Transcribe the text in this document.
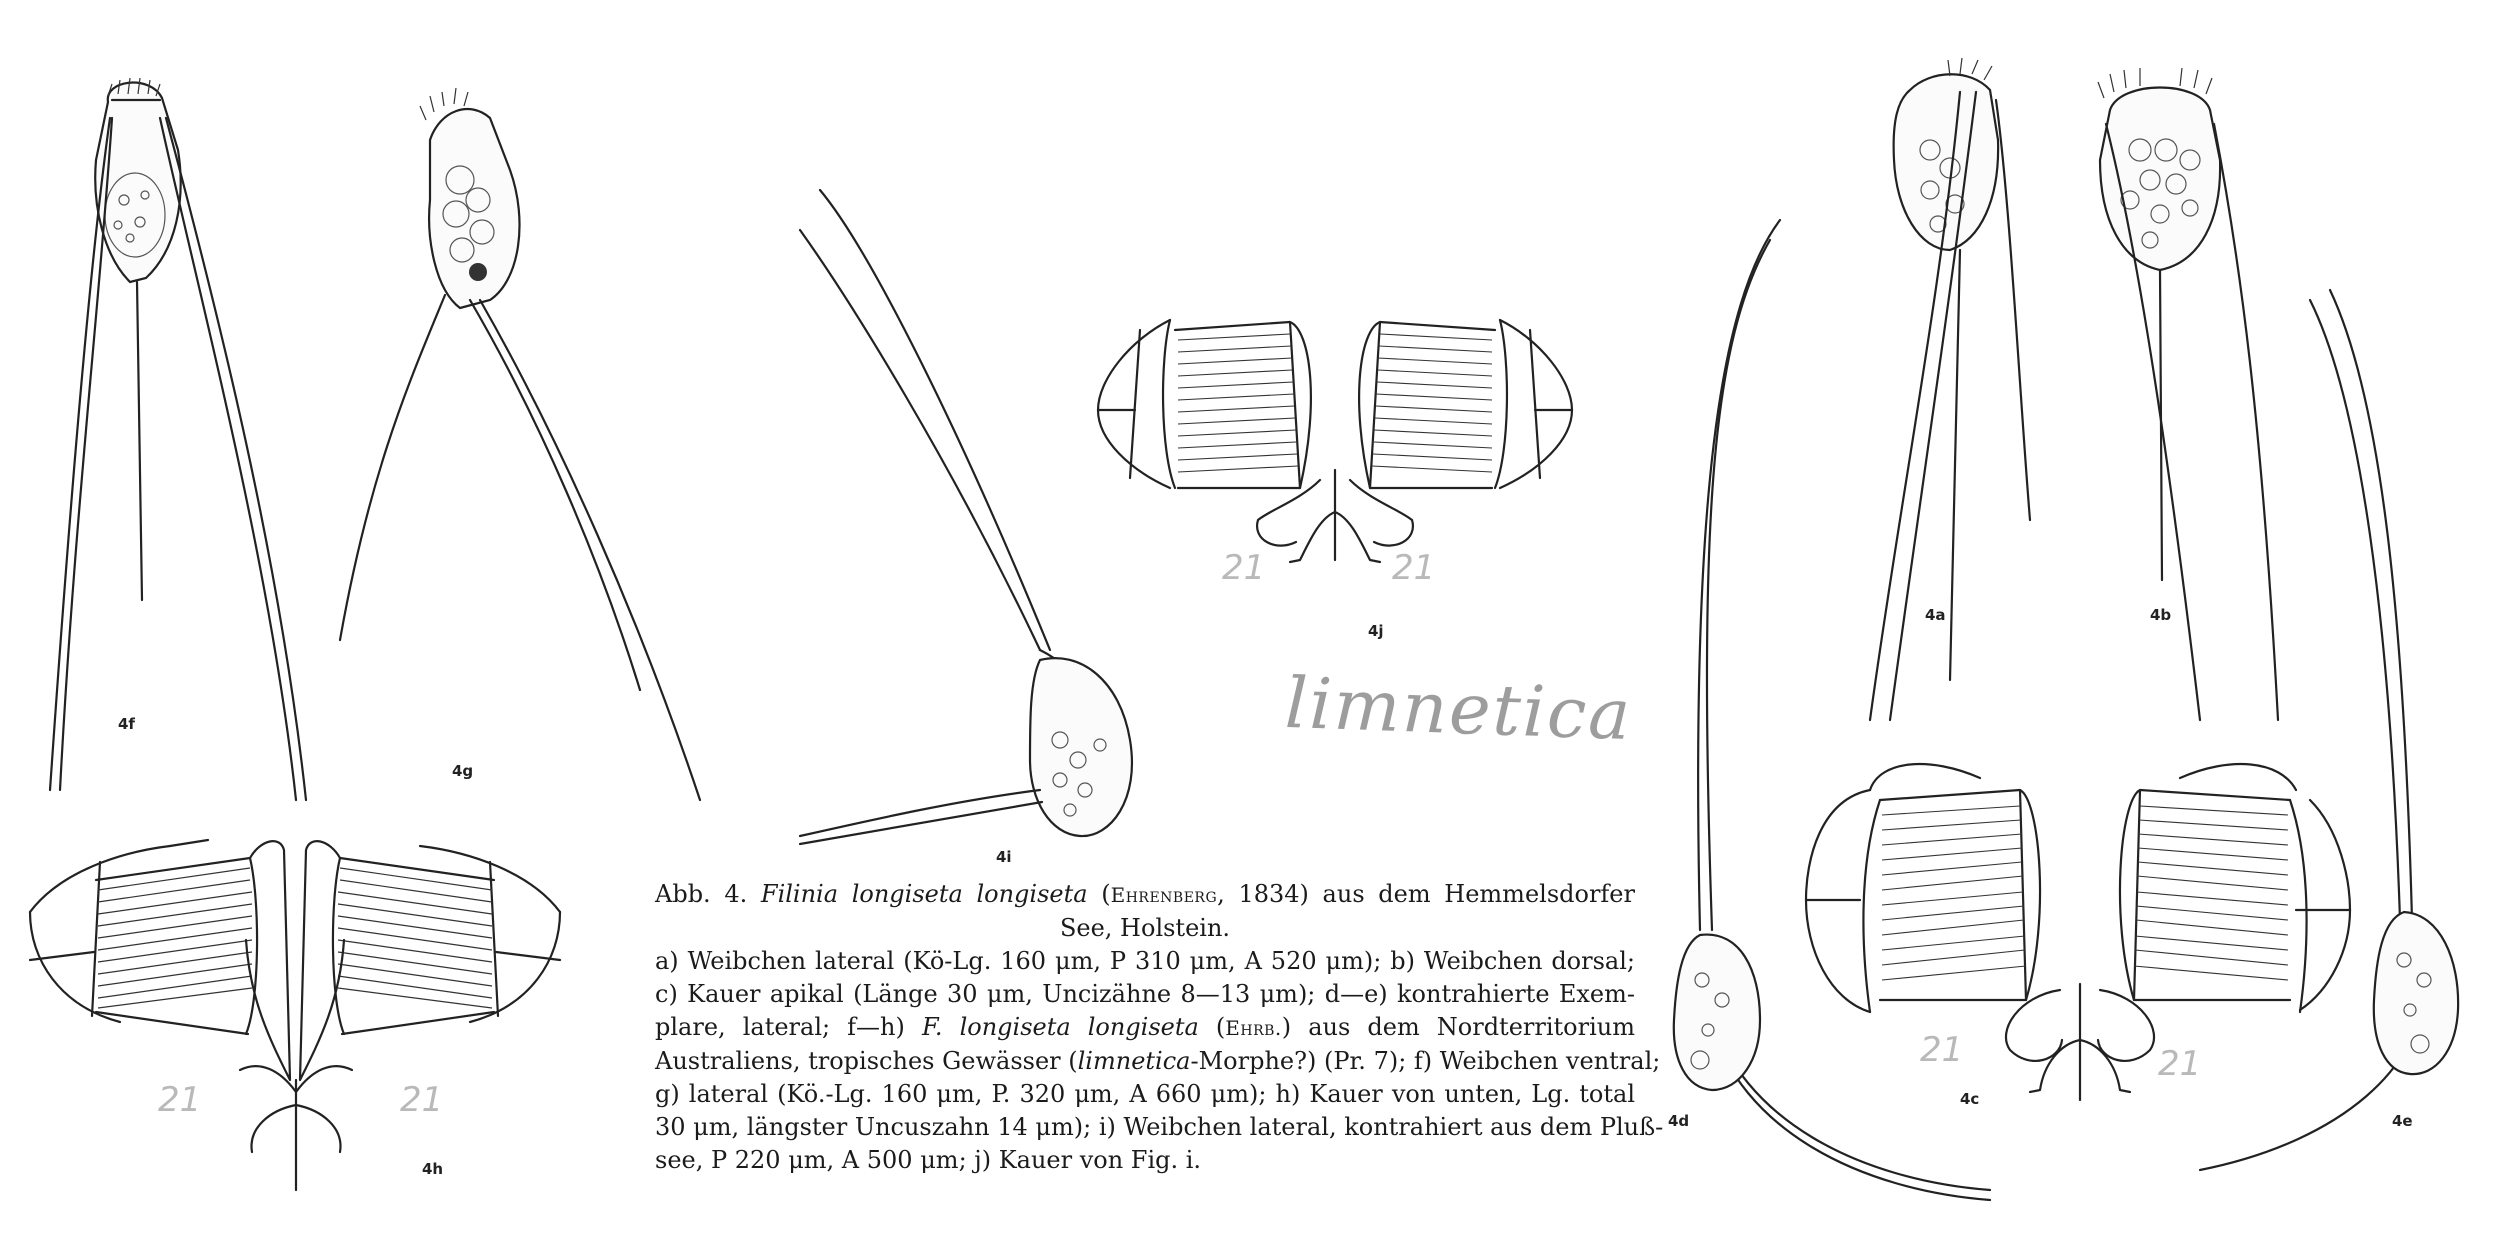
4f
4g
4i
4j
4h
4a	4b
4d
4c
4e
21	21
21	21
21	21
limnetica
Abb. 4. Filinia longiseta longiseta (Ehrenberg, 1834) aus dem Hemmelsdorfer
See, Holstein.
a) Weibchen lateral (Kö-Lg. 160 μm, P 310 μm, A 520 μm); b) Weibchen dorsal;
c) Kauer apikal (Länge 30 μm, Uncizähne 8—13 μm); d—e) kontrahierte Exem-
plare, lateral; f—h) F. longiseta longiseta (Ehrb.) aus dem Nordterritorium
Australiens, tropisches Gewässer (limnetica-Morphe?) (Pr. 7); f) Weibchen ventral;
g) lateral (Kö.-Lg. 160 μm, P. 320 μm, A 660 μm); h) Kauer von unten, Lg. total
30 μm, längster Uncuszahn 14 μm); i) Weibchen lateral, kontrahiert aus dem Pluß-
see, P 220 μm, A 500 μm; j) Kauer von Fig. i.
